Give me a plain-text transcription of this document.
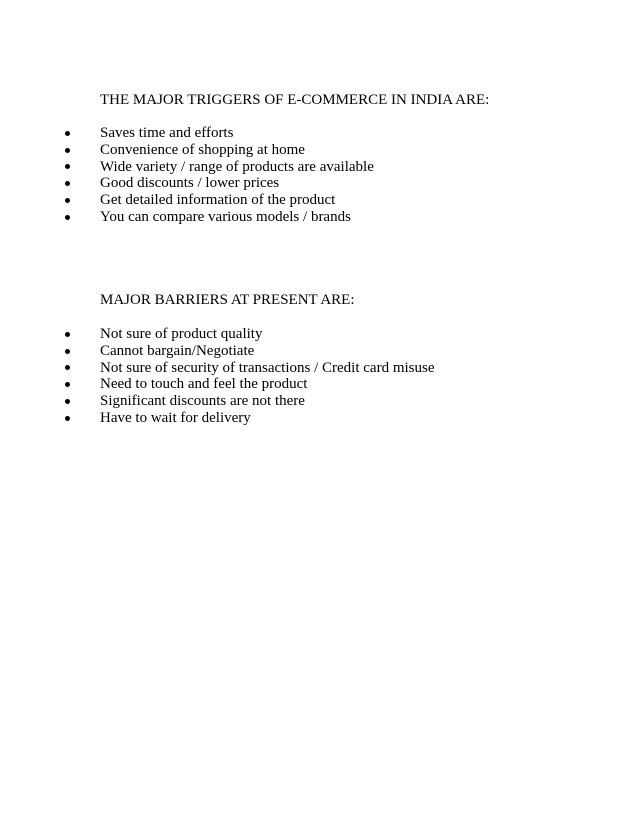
THE MAJOR TRIGGERS OF E-COMMERCE IN INDIA ARE:
Saves time and efforts
Convenience of shopping at home
Wide variety / range of products are available
Good discounts / lower prices
Get detailed information of the product
You can compare various models / brands
MAJOR BARRIERS AT PRESENT ARE:
Not sure of product quality
Cannot bargain/Negotiate
Not sure of security of transactions / Credit card misuse
Need to touch and feel the product
Significant discounts are not there
Have to wait for delivery
